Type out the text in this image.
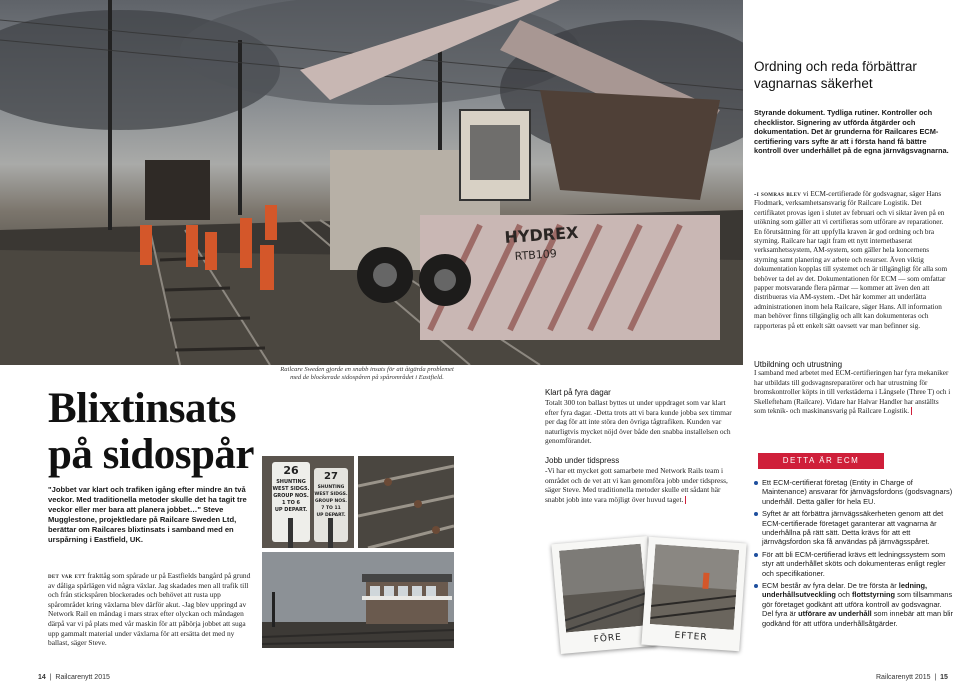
HYDREX
RTB109
Railcare Sweden gjorde en snabb insats för att åtgärda problemet med de blockerade sidospåren på spårområdet i Eastfield.
Blixtinsats
på sidospår
"Jobbet var klart och trafiken igång efter mindre än två veckor. Med traditionella metoder skulle det ha tagit tre veckor eller mer bara att planera jobbet…" Steve Mugglestone, projektledare på Railcare Sweden Ltd, berättar om Railcares blixtinsats i samband med en urspårning i Eastfield, UK.
det var ett frakttåg som spårade ur på Eastfields bangård på grund av dåliga spårlägen vid några växlar. Jag skadades men all trafik till och från stickspåren blockerades och behövet att rusta upp spårområdet kring växlarna blev därför akut. -Jag blev uppringd av Network Rail en måndag i mars strax efter olyckan och måndagen därpå var vi på plats med vår maskin för att påbörja jobbet att suga upp gammalt material under växlarna för att ersätta det med ny ballast, säger Steve.
26
SHUNTING
WEST SIDGS.
GROUP NOS.
1 TO 6
UP DEPART.
27
SHUNTING
WEST SIDGS.
GROUP NOS.
7 TO 11
UP DEPART.
Klart på fyra dagar

Totalt 300 ton ballast byttes ut under uppdraget som var klart efter fyra dagar. -Detta trots att vi bara kunde jobba sex timmar per dag för att inte störa den övriga tågtrafiken. Kunden var naturligtvis mycket nöjd över både den snabba installelsen och genomförandet.

Jobb under tidspress

-Vi har ett mycket gott samarbete med Network Rails team i området och de vet att vi kan genomföra jobb under tidspress, säger Steve. Med traditionella metoder skulle ett sådant här snabbt jobb inte vara möjligt över huvud taget.

FÖRE	EFTER
Ordning och reda förbättrar vagnarnas säkerhet
Styrande dokument. Tydliga rutiner. Kontroller och checklistor. Signering av utförda åtgärder och dokumentation. Det är grunderna för Railcares ECM-certifiering vars syfte är att i första hand få bättre kontroll över underhållet på de egna järnvägsvagnarna.
-i somras blev vi ECM-certifierade för godsvagnar, säger Hans Flodmark, verksamhetsansvarig för Railcare Logistik. Det certifikatet provas igen i slutet av februari och vi siktar även på en utökning som gäller att vi certifieras som utförare av reparationer. En förutsättning för att uppfylla kraven är god ordning och bra styrning. Railcare har tagit fram ett nytt internetbaserat verksamhetssystem, AM-system, som gäller hela koncernens styrning samt planering av arbete och resurser. Även viktig dokumentation kopplas till systemet och är tillgängligt för alla som behöver ta del av det. Dokumentationen för ECM — som omfattar papper motsvarande flera pärmar — kommer att även den att distribueras via AM-system. -Det här kommer att underlätta administrationen inom hela Railcare, säger Hans. All information man behöver finns tillgänglig och allt kan dokumenteras och rapporteras på ett enkelt sätt oavsett var man befinner sig.
Utbildning och utrustning

I samband med arbetet med ECM-certifieringen har fyra mekaniker har utbildats till godsvagnsreparatörer och har utrustning för bromskontroller köpts in till verkstäderna i Långsele (Three T) och i Skellefteham (Railcare). Vidare har Halvar Handler har anställts som teknik- och maskinansvarig på Railcare Logistik.

DETTA ÄR ECM
Ett ECM-certifierat företag (Entity in Charge of Maintenance) ansvarar för järnvägsfordons (godsvagnars) underhåll. Detta gäller för hela EU.
Syftet är att förbättra järnvägssäkerheten genom att det ECM-certifierade företaget garanterar att vagnarna är underhållna på rätt sätt. Detta krävs för att ett järnvägsfordon ska få användas på järnvägsspåret.
För att bli ECM-certifierad krävs ett ledningssystem som styr att underhållet sköts och dokumenteras enligt regler och specifikationer.
ECM består av fyra delar. De tre första är ledning, underhållsutveckling och flottstyrning som tillsammans gör företaget godkänt att utföra kontroll av godsvagnar. Del fyra är utförare av underhåll som innebär att man blir godkänd för att utföra underhållsåtgärder.
14  |  Railcarenytt 2015	Railcarenytt 2015  |  15
